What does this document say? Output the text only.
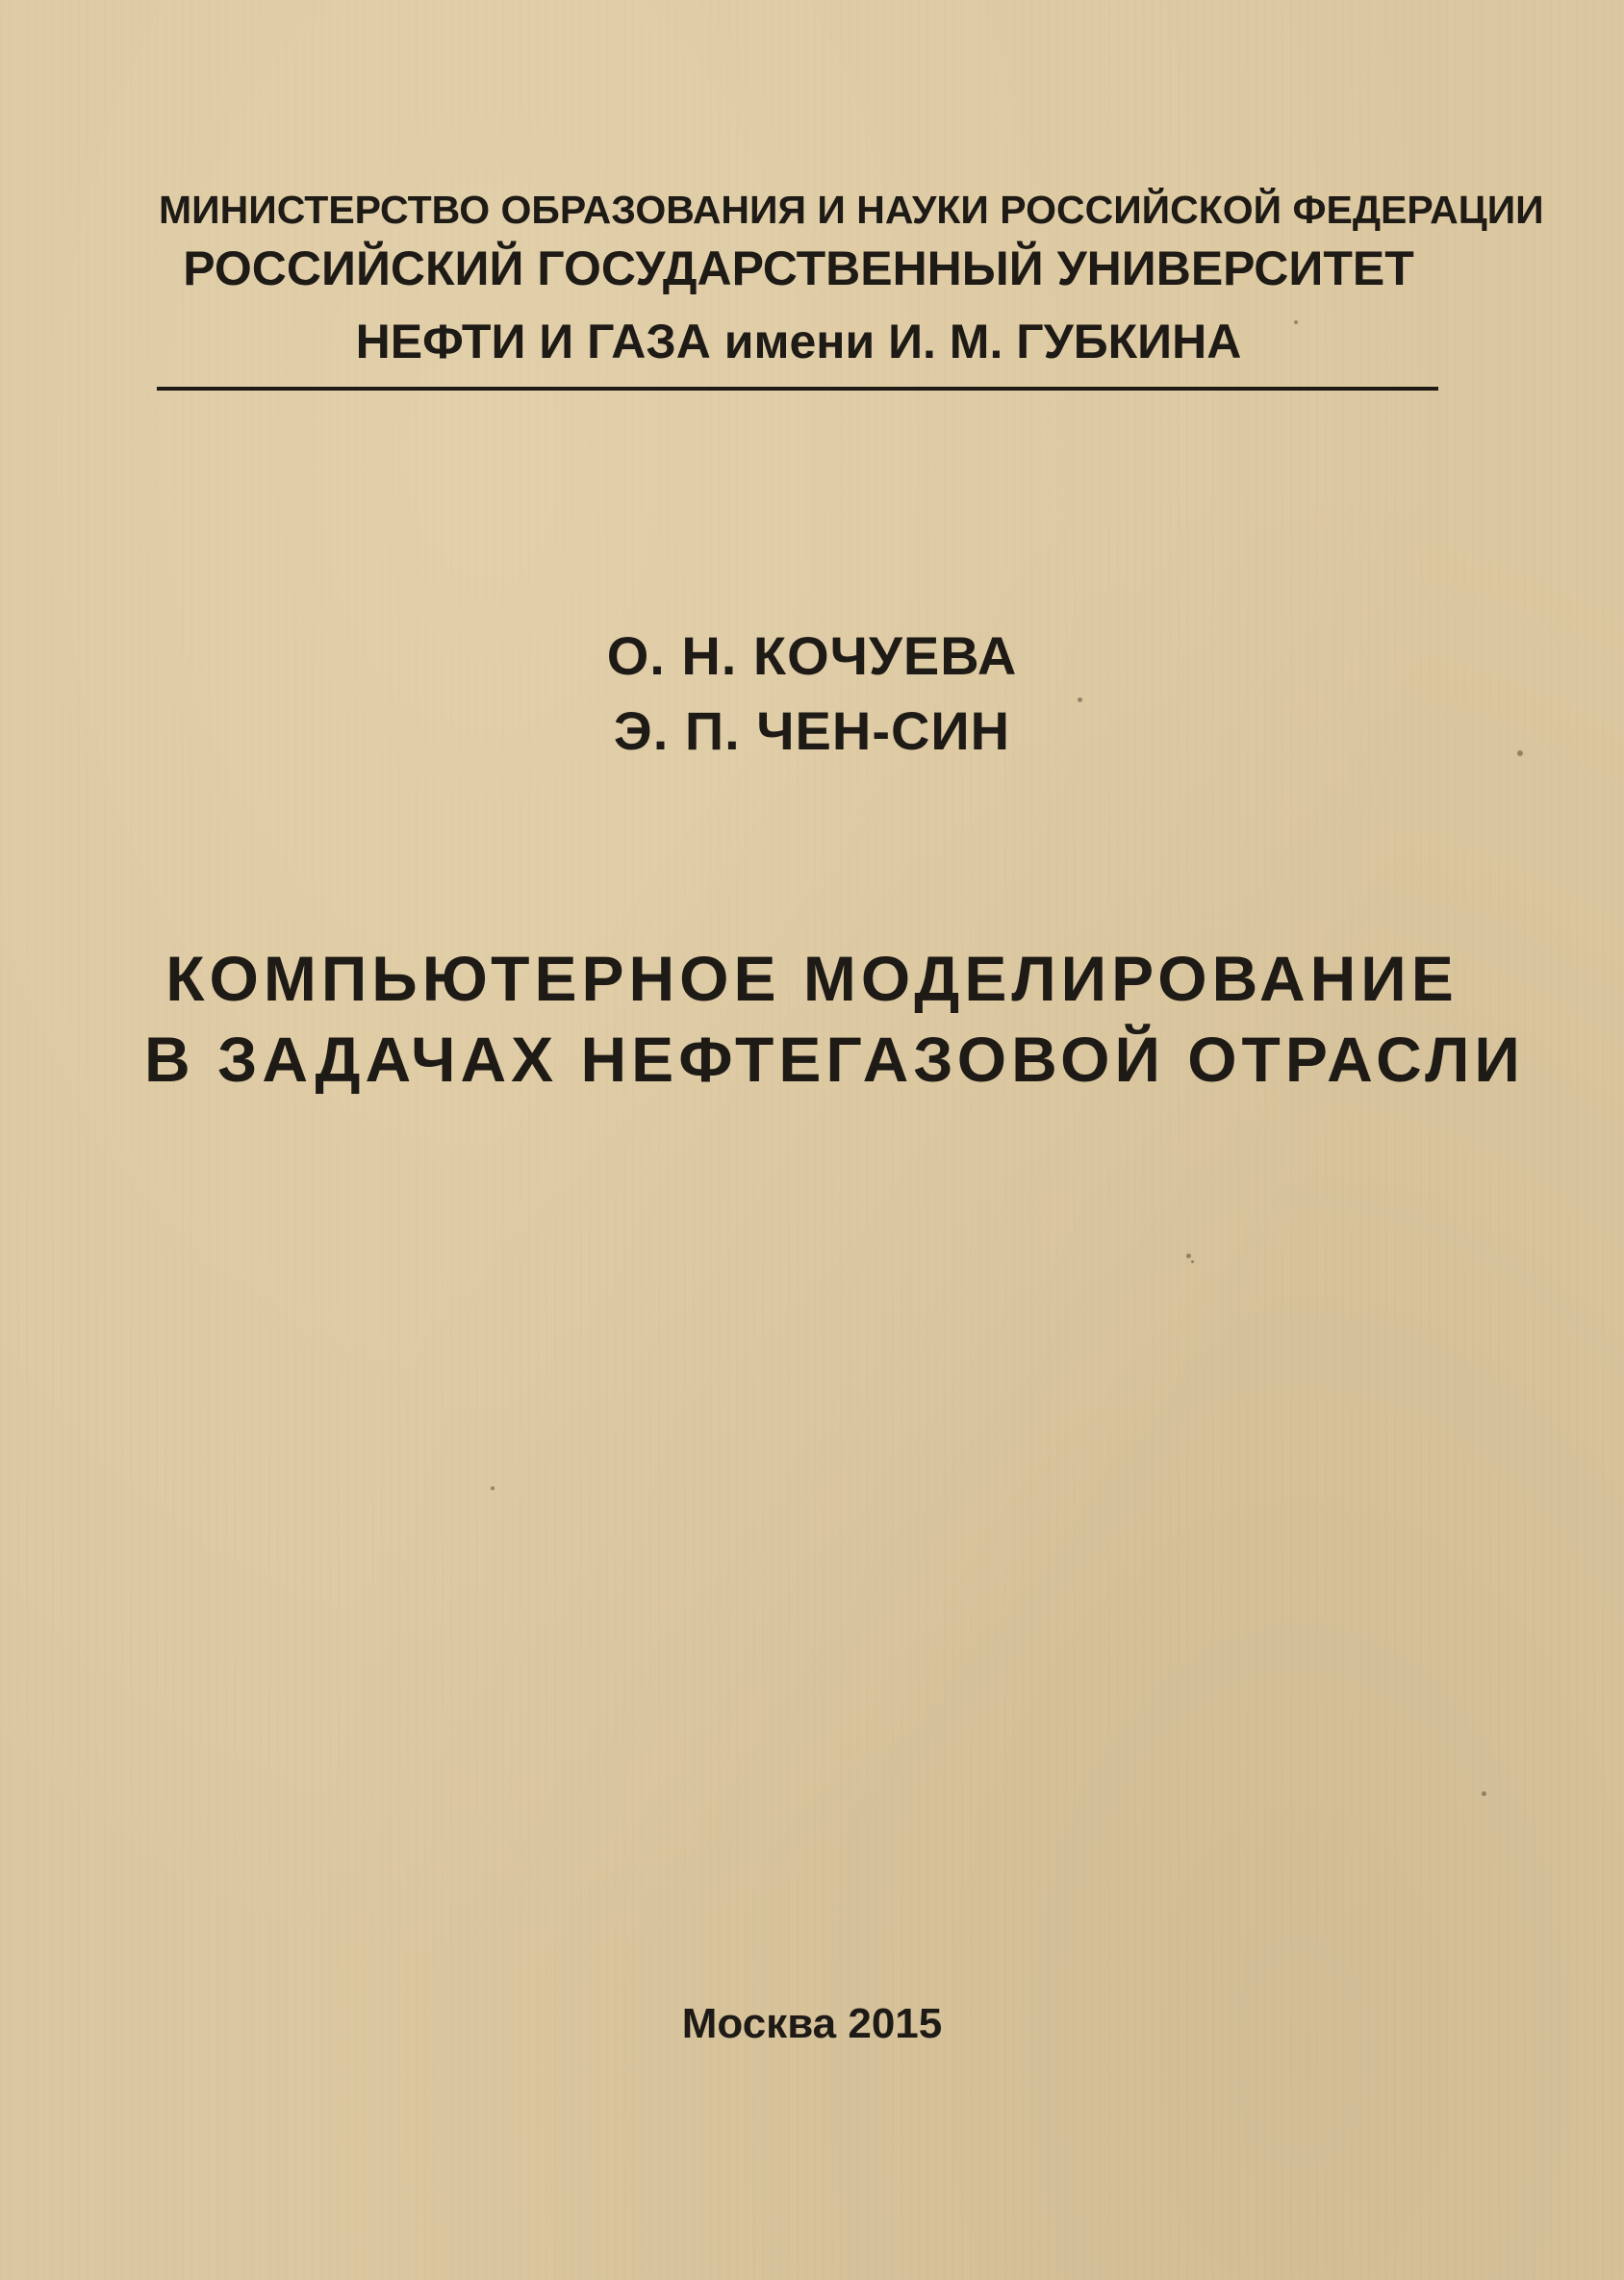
МИНИСТЕРСТВО ОБРАЗОВАНИЯ И НАУКИ РОССИЙСКОЙ ФЕДЕРАЦИИ
РОССИЙСКИЙ ГОСУДАРСТВЕННЫЙ УНИВЕРСИТЕТ
НЕФТИ И ГАЗА имени И. М. ГУБКИНА
О. Н. КОЧУЕВА
Э. П. ЧЕН-СИН
КОМПЬЮТЕРНОЕ МОДЕЛИРОВАНИЕ
В ЗАДАЧАХ НЕФТЕГАЗОВОЙ ОТРАСЛИ
Москва 2015
